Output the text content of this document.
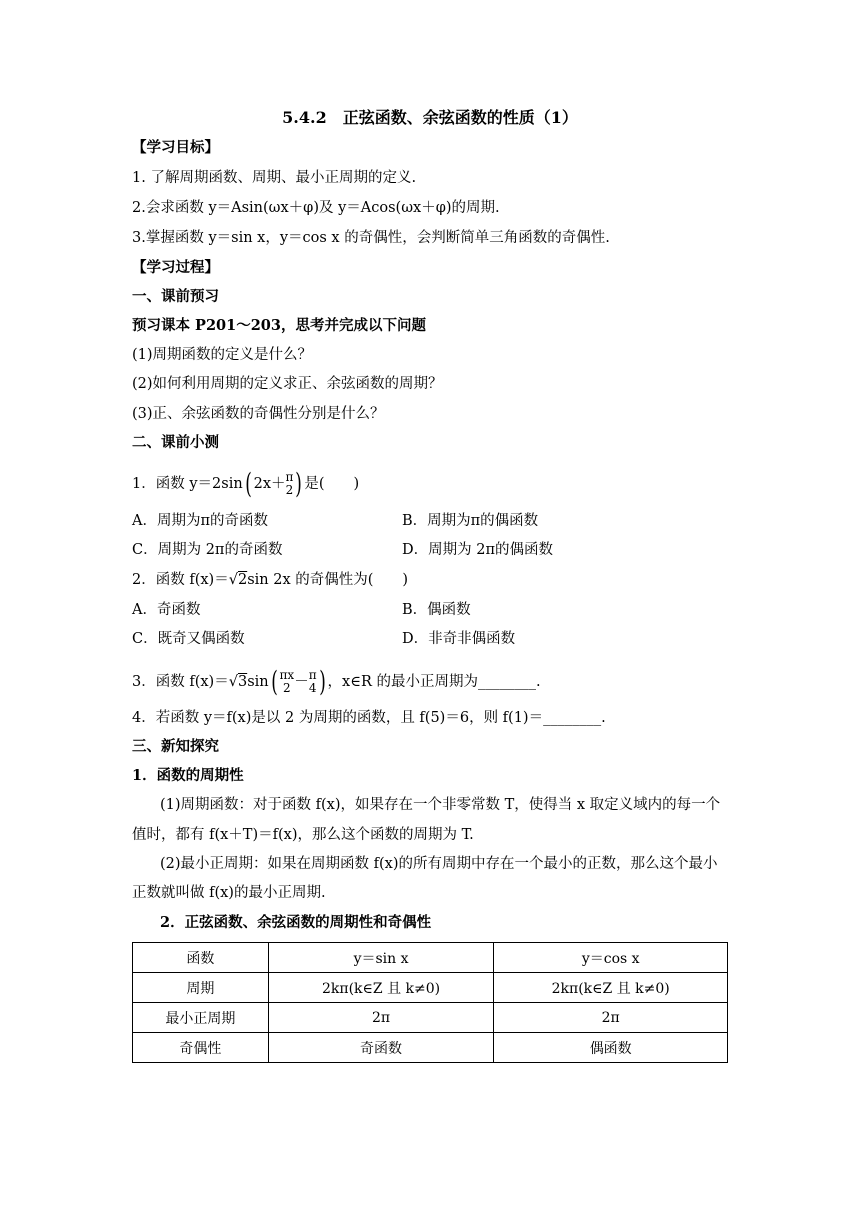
5.4.2　正弦函数、余弦函数的性质（1）
【学习目标】
1. 了解周期函数、周期、最小正周期的定义.
2.会求函数 y＝Asin(ωx＋φ)及 y＝Acos(ωx＋φ)的周期.
3.掌握函数 y＝sin x，y＝cos x 的奇偶性，会判断简单三角函数的奇偶性.
【学习过程】
一、课前预习
预习课本 P201～203，思考并完成以下问题
(1)周期函数的定义是什么？
(2)如何利用周期的定义求正、余弦函数的周期？
(3)正、余弦函数的奇偶性分别是什么？
二、课前小测
1．函数 y＝2sin( 2x＋ π
2 ) 是(　　)
A．周期为π的奇函数	B．周期为π的偶函数
C．周期为 2π的奇函数	D．周期为 2π的偶函数
2．函数 f(x)＝√2sin 2x 的奇偶性为(　　)
A．奇函数	B．偶函数
C．既奇又偶函数	D．非奇非偶函数
3．函数 f(x)＝√3sin( πx
2 － π
4 ) ，x∈R 的最小正周期为________.
4．若函数 y＝f(x)是以 2 为周期的函数，且 f(5)＝6，则 f(1)＝________.
三、新知探究
1．函数的周期性
(1)周期函数：对于函数 f(x)，如果存在一个非零常数 T，使得当 x 取定义域内的每一个
值时，都有 f(x＋T)＝f(x)，那么这个函数的周期为 T.
(2)最小正周期：如果在周期函数 f(x)的所有周期中存在一个最小的正数，那么这个最小
正数就叫做 f(x)的最小正周期.
2．正弦函数、余弦函数的周期性和奇偶性
函数	y＝sin x	y＝cos x
周期	2kπ(k∈Z 且 k≠0)	2kπ(k∈Z 且 k≠0)
最小正周期	2π	2π
奇偶性	奇函数	偶函数
